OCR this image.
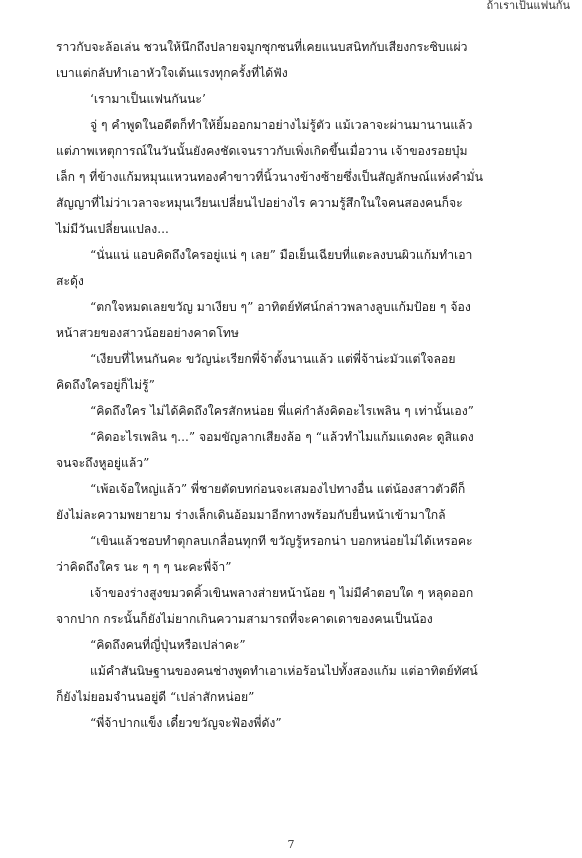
ถ้าเราเป็นแฟนกัน

ราวกับจะล้อเล่น ชวนให้นึกถึงปลายจมูกซุกซนที่เคยแนบสนิทกับเสียงกระซิบแผ่ว

เบาแต่กลับทำเอาหัวใจเต้นแรงทุกครั้งที่ได้ฟัง

‘เรามาเป็นแฟนกันนะ’

จู่ ๆ คำพูดในอดีตก็ทำให้ยิ้มออกมาอย่างไม่รู้ตัว แม้เวลาจะผ่านมานานแล้ว

แต่ภาพเหตุการณ์ในวันนั้นยังคงชัดเจนราวกับเพิ่งเกิดขึ้นเมื่อวาน เจ้าของรอยบุ๋ม

เล็ก ๆ ที่ข้างแก้มหมุนแหวนทองคำขาวที่นิ้วนางข้างซ้ายซึ่งเป็นสัญลักษณ์แห่งคำมั่น

สัญญาที่ไม่ว่าเวลาจะหมุนเวียนเปลี่ยนไปอย่างไร ความรู้สึกในใจคนสองคนก็จะ

ไม่มีวันเปลี่ยนแปลง...

“นั่นแน่ แอบคิดถึงใครอยู่แน่ ๆ เลย” มือเย็นเฉียบที่แตะลงบนผิวแก้มทำเอา

สะดุ้ง

“ตกใจหมดเลยขวัญ มาเงียบ ๆ” อาทิตย์ทัศน์กล่าวพลางลูบแก้มป้อย ๆ จ้อง

หน้าสวยของสาวน้อยอย่างคาดโทษ

“เงียบที่ไหนกันคะ ขวัญน่ะเรียกพี่จ้าตั้งนานแล้ว แต่พี่จ้าน่ะมัวแต่ใจลอย

คิดถึงใครอยู่ก็ไม่รู้”

“คิดถึงใคร ไม่ได้คิดถึงใครสักหน่อย พี่แค่กำลังคิดอะไรเพลิน ๆ เท่านั้นเอง”

“คิดอะไรเพลิน ๆ...” จอมขัญลากเสียงล้อ ๆ “แล้วทำไมแก้มแดงคะ ดูสิแดง

จนจะถึงหูอยู่แล้ว”

“เพ้อเจ้อใหญ่แล้ว” พี่ชายตัดบทก่อนจะเสมองไปทางอื่น แต่น้องสาวตัวดีก็

ยังไม่ละความพยายาม ร่างเล็กเดินอ้อมมาอีกทางพร้อมกับยื่นหน้าเข้ามาใกล้

“เขินแล้วชอบทำตุกลบเกลื่อนทุกที ขวัญรู้หรอกน่า บอกหน่อยไม่ได้เหรอคะ

ว่าคิดถึงใคร นะ ๆ ๆ ๆ นะคะพี่จ้า”

เจ้าของร่างสูงขมวดคิ้วเขินพลางส่ายหน้าน้อย ๆ ไม่มีคำตอบใด ๆ หลุดออก

จากปาก กระนั้นก็ยังไม่ยากเกินความสามารถที่จะคาดเดาของคนเป็นน้อง

“คิดถึงคนที่ญี่ปุ่นหรือเปล่าคะ”

แม้คำสันนิษฐานของคนช่างพูดทำเอาเห่อร้อนไปทั้งสองแก้ม แต่อาทิตย์ทัศน์

ก็ยังไม่ยอมจำนนอยู่ดี “เปล่าสักหน่อย”

“พี่จ้าปากแข็ง เดี๋ยวขวัญจะฟ้องพี่ดัง”

7
